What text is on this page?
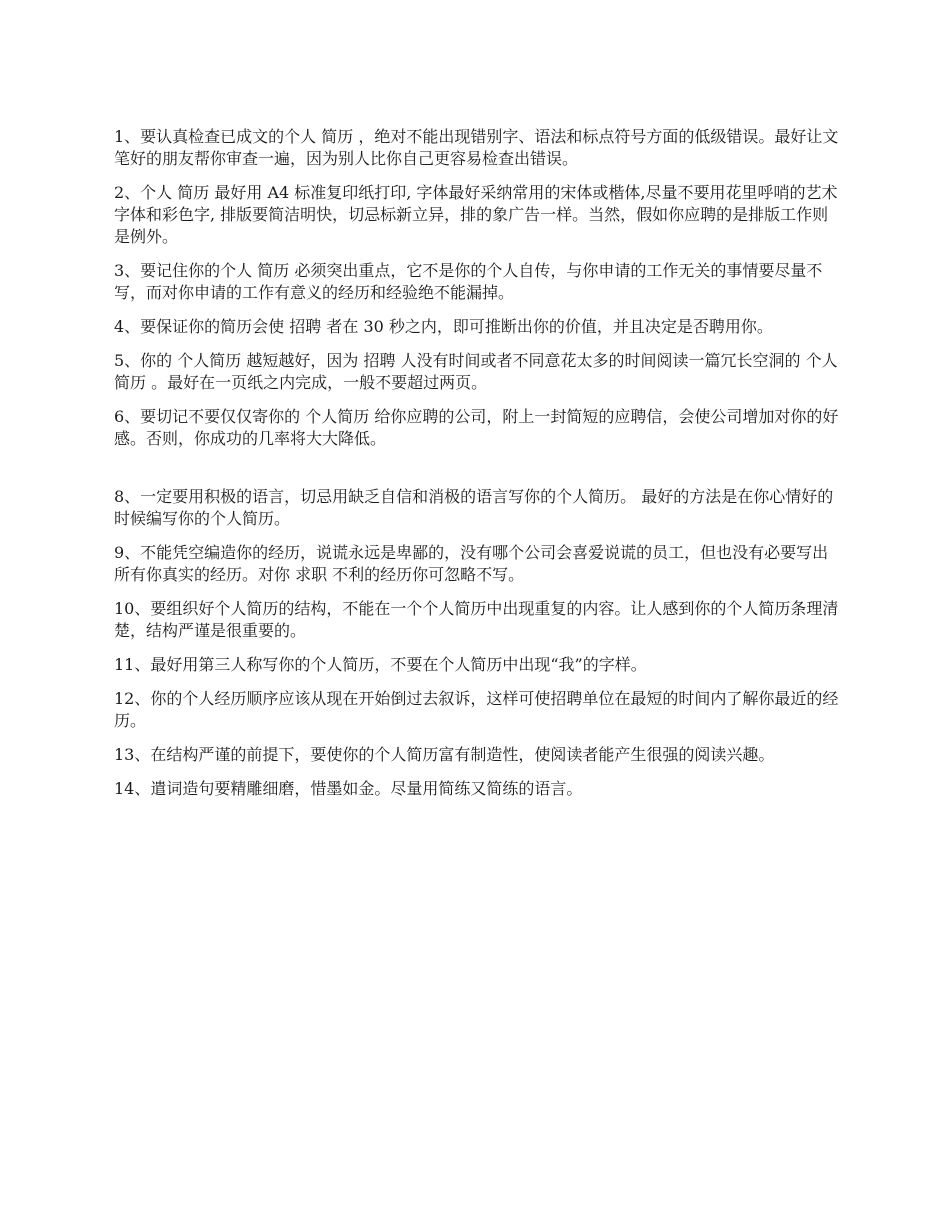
1、要认真检查已成文的个人 简历 ，绝对不能出现错别字、语法和标点符号方面的低级错误。最好让文笔好的朋友帮你审查一遍，因为别人比你自己更容易检查出错误。

2、个人 简历 最好用 A4 标准复印纸打印, 字体最好采纳常用的宋体或楷体,尽量不要用花里呼哨的艺术字体和彩色字, 排版要简洁明快，切忌标新立异，排的象广告一样。当然，假如你应聘的是排版工作则是例外。

3、要记住你的个人 简历 必须突出重点，它不是你的个人自传，与你申请的工作无关的事情要尽量不写，而对你申请的工作有意义的经历和经验绝不能漏掉。

4、要保证你的简历会使 招聘 者在 30 秒之内，即可推断出你的价值，并且决定是否聘用你。

5、你的 个人简历 越短越好，因为 招聘 人没有时间或者不同意花太多的时间阅读一篇冗长空洞的 个人简历 。最好在一页纸之内完成，一般不要超过两页。

6、要切记不要仅仅寄你的 个人简历 给你应聘的公司，附上一封简短的应聘信，会使公司增加对你的好感。否则，你成功的几率将大大降低。

8、一定要用积极的语言，切忌用缺乏自信和消极的语言写你的个人简历。 最好的方法是在你心情好的时候编写你的个人简历。

9、不能凭空编造你的经历，说谎永远是卑鄙的，没有哪个公司会喜爱说谎的员工，但也没有必要写出所有你真实的经历。对你 求职 不利的经历你可忽略不写。

10、要组织好个人简历的结构，不能在一个个人简历中出现重复的内容。让人感到你的个人简历条理清楚，结构严谨是很重要的。

11、最好用第三人称写你的个人简历，不要在个人简历中出现“我”的字样。

12、你的个人经历顺序应该从现在开始倒过去叙诉，这样可使招聘单位在最短的时间内了解你最近的经历。

13、在结构严谨的前提下，要使你的个人简历富有制造性，使阅读者能产生很强的阅读兴趣。

14、遣词造句要精雕细磨，惜墨如金。尽量用简练又简练的语言。
